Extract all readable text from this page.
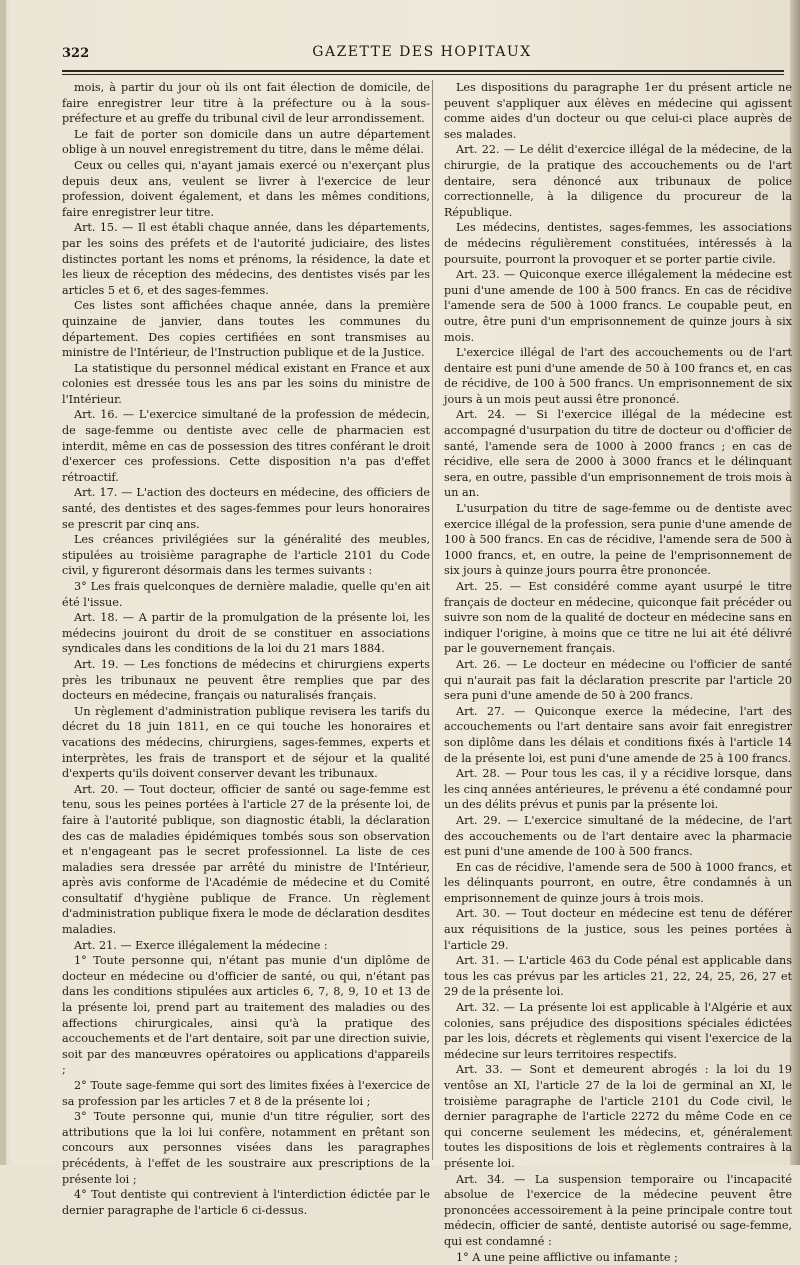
322	GAZETTE DES HOPITAUX

mois, à partir du jour où ils ont fait élection de domicile, de faire enregistrer leur titre à la préfecture ou à la sous-préfecture et au greffe du tribunal civil de leur arrondissement.

Le fait de porter son domicile dans un autre département oblige à un nouvel enregistrement du titre, dans le même délai.

Ceux ou celles qui, n'ayant jamais exercé ou n'exerçant plus depuis deux ans, veulent se livrer à l'exercice de leur profession, doivent également, et dans les mêmes conditions, faire enregistrer leur titre.

Art. 15. — Il est établi chaque année, dans les départements, par les soins des préfets et de l'autorité judiciaire, des listes distinctes portant les noms et prénoms, la résidence, la date et les lieux de réception des médecins, des dentistes visés par les articles 5 et 6, et des sages-femmes.

Ces listes sont affichées chaque année, dans la première quinzaine de janvier, dans toutes les communes du département. Des copies certifiées en sont transmises au ministre de l'Intérieur, de l'Instruction publique et de la Justice.

La statistique du personnel médical existant en France et aux colonies est dressée tous les ans par les soins du ministre de l'Intérieur.

Art. 16. — L'exercice simultané de la profession de médecin, de sage-femme ou dentiste avec celle de pharmacien est interdit, même en cas de possession des titres conférant le droit d'exercer ces professions. Cette disposition n'a pas d'effet rétroactif.

Art. 17. — L'action des docteurs en médecine, des officiers de santé, des dentistes et des sages-femmes pour leurs honoraires se prescrit par cinq ans.

Les créances privilégiées sur la généralité des meubles, stipulées au troisième paragraphe de l'article 2101 du Code civil, y figureront désormais dans les termes suivants :

3° Les frais quelconques de dernière maladie, quelle qu'en ait été l'issue.

Art. 18. — A partir de la promulgation de la présente loi, les médecins jouiront du droit de se constituer en associations syndicales dans les conditions de la loi du 21 mars 1884.

Art. 19. — Les fonctions de médecins et chirurgiens experts près les tribunaux ne peuvent être remplies que par des docteurs en médecine, français ou naturalisés français.

Un règlement d'administration publique revisera les tarifs du décret du 18 juin 1811, en ce qui touche les honoraires et vacations des médecins, chirurgiens, sages-femmes, experts et interprètes, les frais de transport et de séjour et la qualité d'experts qu'ils doivent conserver devant les tribunaux.

Art. 20. — Tout docteur, officier de santé ou sage-femme est tenu, sous les peines portées à l'article 27 de la présente loi, de faire à l'autorité publique, son diagnostic établi, la déclaration des cas de maladies épidémiques tombés sous son observation et n'engageant pas le secret professionnel. La liste de ces maladies sera dressée par arrêté du ministre de l'Intérieur, après avis conforme de l'Académie de médecine et du Comité consultatif d'hygiène publique de France. Un règlement d'administration publique fixera le mode de déclaration desdites maladies.

Art. 21. — Exerce illégalement la médecine :

1° Toute personne qui, n'étant pas munie d'un diplôme de docteur en médecine ou d'officier de santé, ou qui, n'étant pas dans les conditions stipulées aux articles 6, 7, 8, 9, 10 et 13 de la présente loi, prend part au traitement des maladies ou des affections chirurgicales, ainsi qu'à la pratique des accouchements et de l'art dentaire, soit par une direction suivie, soit par des manœuvres opératoires ou applications d'appareils ;

2° Toute sage-femme qui sort des limites fixées à l'exercice de sa profession par les articles 7 et 8 de la présente loi ;

3° Toute personne qui, munie d'un titre régulier, sort des attributions que la loi lui confère, notamment en prêtant son concours aux personnes visées dans les paragraphes précédents, à l'effet de les soustraire aux prescriptions de la présente loi ;

4° Tout dentiste qui contrevient à l'interdiction édictée par le dernier paragraphe de l'article 6 ci-dessus.

Les dispositions du paragraphe 1er du présent article ne peuvent s'appliquer aux élèves en médecine qui agissent comme aides d'un docteur ou que celui-ci place auprès de ses malades.

Art. 22. — Le délit d'exercice illégal de la médecine, de la chirurgie, de la pratique des accouchements ou de l'art dentaire, sera dénoncé aux tribunaux de police correctionnelle, à la diligence du procureur de la République.

Les médecins, dentistes, sages-femmes, les associations de médecins régulièrement constituées, intéressés à la poursuite, pourront la provoquer et se porter partie civile.

Art. 23. — Quiconque exerce illégalement la médecine est puni d'une amende de 100 à 500 francs. En cas de récidive l'amende sera de 500 à 1000 francs. Le coupable peut, en outre, être puni d'un emprisonnement de quinze jours à six mois.

L'exercice illégal de l'art des accouchements ou de l'art dentaire est puni d'une amende de 50 à 100 francs et, en cas de récidive, de 100 à 500 francs. Un emprisonnement de six jours à un mois peut aussi être prononcé.

Art. 24. — Si l'exercice illégal de la médecine est accompagné d'usurpation du titre de docteur ou d'officier de santé, l'amende sera de 1000 à 2000 francs ; en cas de récidive, elle sera de 2000 à 3000 francs et le délinquant sera, en outre, passible d'un emprisonnement de trois mois à un an.

L'usurpation du titre de sage-femme ou de dentiste avec exercice illégal de la profession, sera punie d'une amende de 100 à 500 francs. En cas de récidive, l'amende sera de 500 à 1000 francs, et, en outre, la peine de l'emprisonnement de six jours à quinze jours pourra être prononcée.

Art. 25. — Est considéré comme ayant usurpé le titre français de docteur en médecine, quiconque fait précéder ou suivre son nom de la qualité de docteur en médecine sans en indiquer l'origine, à moins que ce titre ne lui ait été délivré par le gouvernement français.

Art. 26. — Le docteur en médecine ou l'officier de santé qui n'aurait pas fait la déclaration prescrite par l'article 20 sera puni d'une amende de 50 à 200 francs.

Art. 27. — Quiconque exerce la médecine, l'art des accouchements ou l'art dentaire sans avoir fait enregistrer son diplôme dans les délais et conditions fixés à l'article 14 de la présente loi, est puni d'une amende de 25 à 100 francs.

Art. 28. — Pour tous les cas, il y a récidive lorsque, dans les cinq années antérieures, le prévenu a été condamné pour un des délits prévus et punis par la présente loi.

Art. 29. — L'exercice simultané de la médecine, de l'art des accouchements ou de l'art dentaire avec la pharmacie est puni d'une amende de 100 à 500 francs.

En cas de récidive, l'amende sera de 500 à 1000 francs, et les délinquants pourront, en outre, être condamnés à un emprisonnement de quinze jours à trois mois.

Art. 30. — Tout docteur en médecine est tenu de déférer aux réquisitions de la justice, sous les peines portées à l'article 29.

Art. 31. — L'article 463 du Code pénal est applicable dans tous les cas prévus par les articles 21, 22, 24, 25, 26, 27 et 29 de la présente loi.

Art. 32. — La présente loi est applicable à l'Algérie et aux colonies, sans préjudice des dispositions spéciales édictées par les lois, décrets et règlements qui visent l'exercice de la médecine sur leurs territoires respectifs.

Art. 33. — Sont et demeurent abrogés : la loi du 19 ventôse an XI, l'article 27 de la loi de germinal an XI, le troisième paragraphe de l'article 2101 du Code civil, le dernier paragraphe de l'article 2272 du même Code en ce qui concerne seulement les médecins, et, généralement toutes les dispositions de lois et règlements contraires à la présente loi.

Art. 34. — La suspension temporaire ou l'incapacité absolue de l'exercice de la médecine peuvent être prononcées accessoirement à la peine principale contre tout médecin, officier de santé, dentiste autorisé ou sage-femme, qui est condamné :

1° A une peine afflictive ou infamante ;
